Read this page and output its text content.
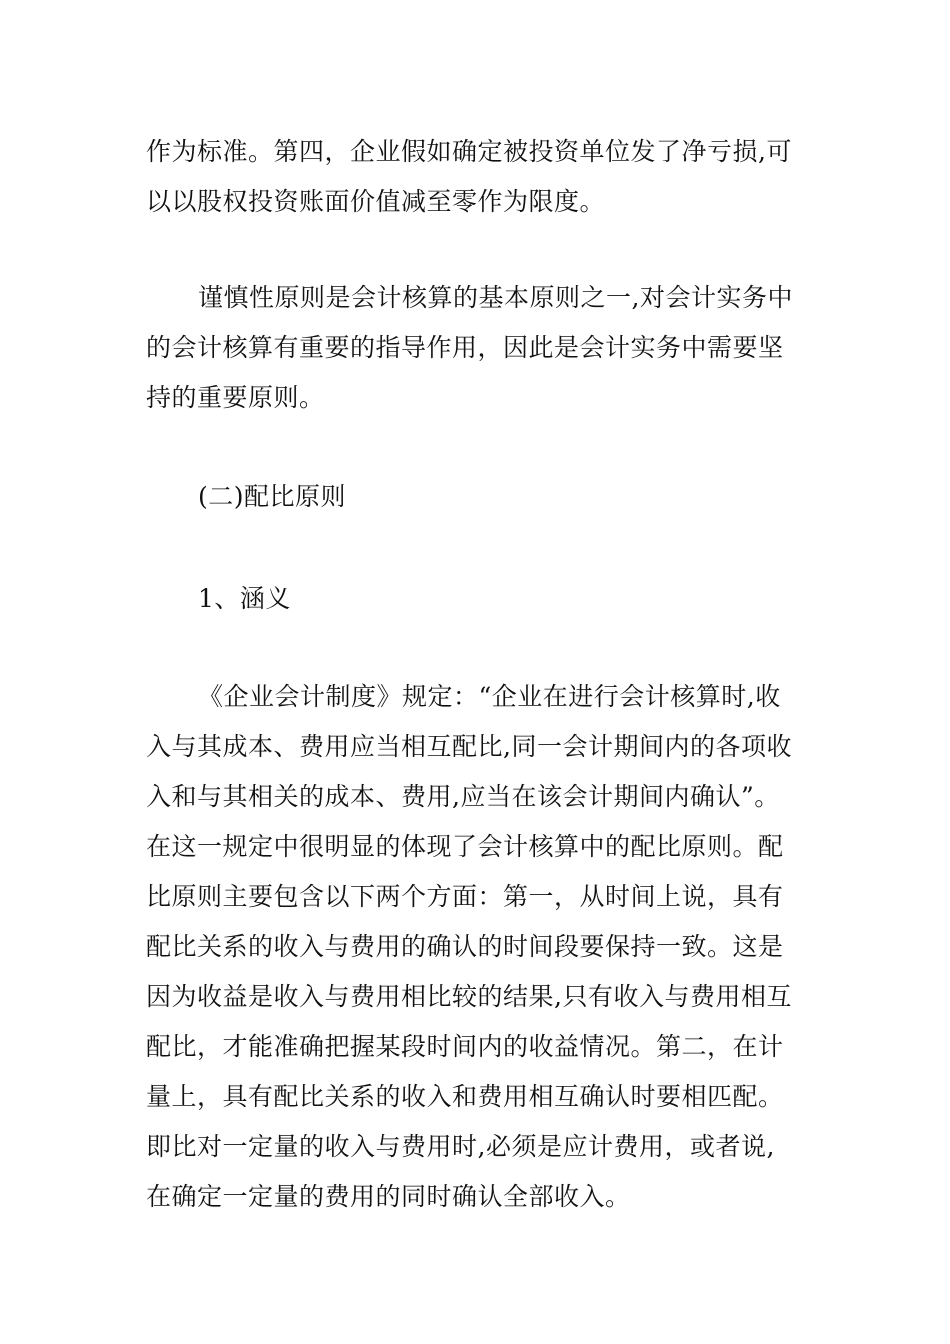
作为标准。第四，企业假如确定被投资单位发了净亏损,可
以以股权投资账面价值减至零作为限度。
谨慎性原则是会计核算的基本原则之一,对会计实务中
的会计核算有重要的指导作用，因此是会计实务中需要坚
持的重要原则。
(二)配比原则
1、涵义
《企业会计制度》规定：“企业在进行会计核算时,收
入与其成本、费用应当相互配比,同一会计期间内的各项收
入和与其相关的成本、费用,应当在该会计期间内确认”。
在这一规定中很明显的体现了会计核算中的配比原则。配
比原则主要包含以下两个方面：第一，从时间上说，具有
配比关系的收入与费用的确认的时间段要保持一致。这是
因为收益是收入与费用相比较的结果,只有收入与费用相互
配比，才能准确把握某段时间内的收益情况。第二，在计
量上，具有配比关系的收入和费用相互确认时要相匹配。
即比对一定量的收入与费用时,必须是应计费用，或者说,
在确定一定量的费用的同时确认全部收入。
